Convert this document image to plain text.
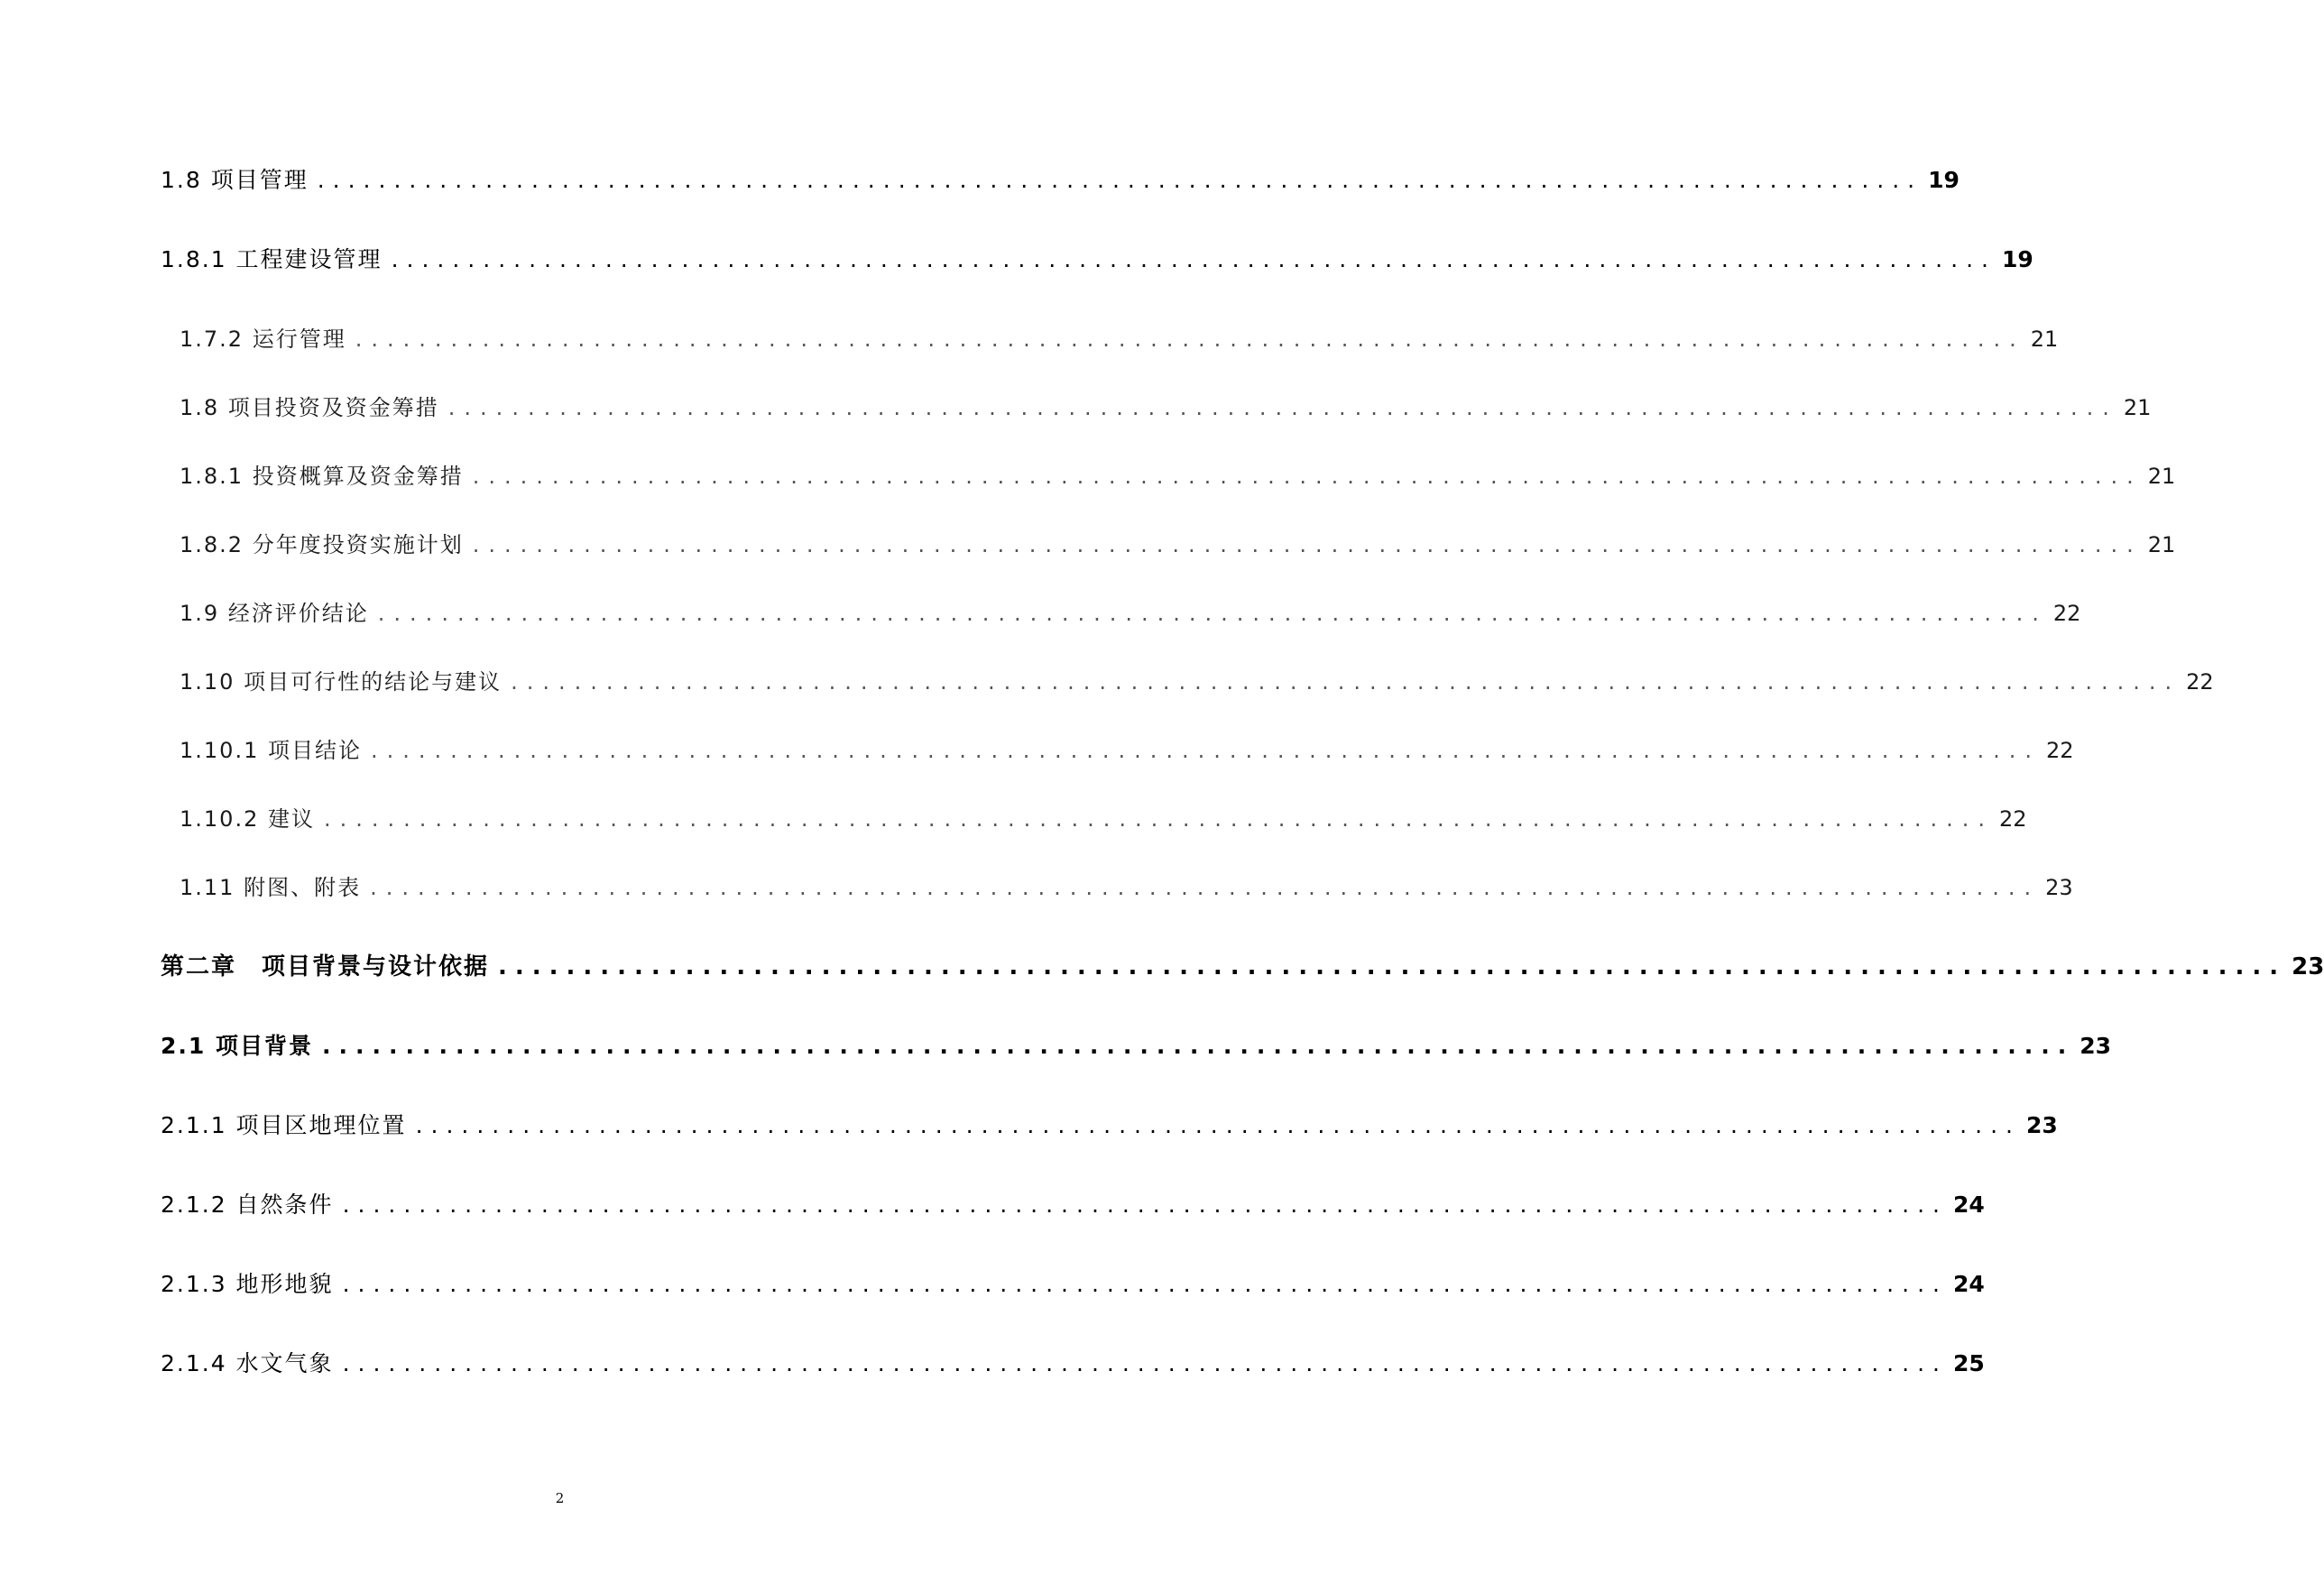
1.8 项目管理 ......................................................................................................... 19
1.8.1 工程建设管理 ......................................................................................................... 19
1.7.2 运行管理 ......................................................................................................... 21
1.8 项目投资及资金筹措 ......................................................................................................... 21
1.8.1 投资概算及资金筹措 ......................................................................................................... 21
1.8.2 分年度投资实施计划 ......................................................................................................... 21
1.9 经济评价结论 ......................................................................................................... 22
1.10 项目可行性的结论与建议 ......................................................................................................... 22
1.10.1 项目结论 ......................................................................................................... 22
1.10.2 建议 ......................................................................................................... 22
1.11 附图、附表 ......................................................................................................... 23
第二章　项目背景与设计依据 ......................................................................................................... 23
2.1 项目背景 ......................................................................................................... 23
2.1.1 项目区地理位置 ......................................................................................................... 23
2.1.2 自然条件 ......................................................................................................... 24
2.1.3 地形地貌 ......................................................................................................... 24
2.1.4 水文气象 ......................................................................................................... 25
2
